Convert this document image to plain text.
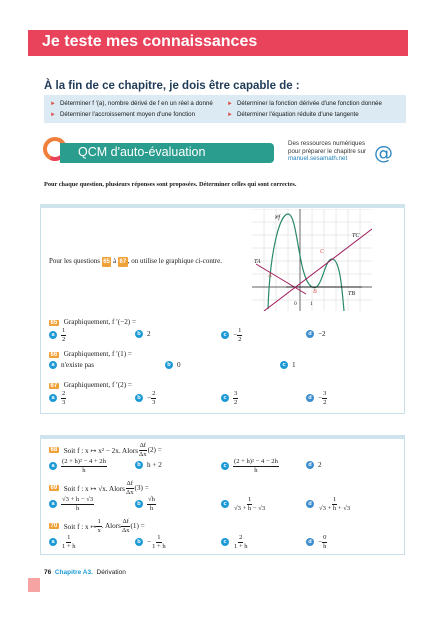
Je teste mes connaissances
À la fin de ce chapitre, je dois être capable de :
► Déterminer f ′(a), nombre dérivé de f en un réel a donné
► Déterminer l'accroissement moyen d'une fonction
► Déterminer la fonction dérivée d'une fonction donnée
► Déterminer l'équation réduite d'une tangente
QCM d'auto-évaluation
Des ressources numériques
pour préparer le chapitre sur
manuel.sesamath.net	@
Pour chaque question, plusieurs réponses sont proposées. Déterminer celles qui sont correctes.
𝒞f
TC
TA
C
A
B	TB
0 1
Pour les questions 65 à 67 , on utilise le graphique ci-contre.
65 Graphiquement, f ′(−2) =
a $\frac{1}{2}$	b 2	$c - \frac{1}{2}$	d −2
66 Graphiquement, f ′(1) =
a n'existe pas	b 0	c 1
67 Graphiquement, f ′(2) =
a $\frac{2}{3}$	$b - \frac{2}{3}$	c $\frac{3}{2}$	$d - \frac{3}{2}$
68 Soit f : x ↦ x² − 2x. Alors $\frac{\Delta f}{\Delta x} (2)$ =
a $\frac{\text{(2 + h)² − 4 + 2h}}{h}$	b h + 2	c $\frac{\text{(2 + h)² − 4 − 2h}}{h}$	d 2
69 Soit f : x ↦ √x. Alors $\frac{\Delta f}{\Delta x} (3)$ =
a $\frac{√3 + h - √3}{h}$	b $\frac{√h}{h}$	c $\frac{1}{√3 + h - √3}$	d $\frac{1}{√3 + h + √3}$
70 Soit f : x ↦ $\frac{1}{x}$ . Alors $\frac{\Delta f}{\Delta x} (1)$ =
a $\frac{1}{1 + h}$	$b - \frac{1}{1 + h}$	c $\frac{2}{1 + h}$	$d - \frac{0}{h}$
76 Chapitre A3. Dérivation
